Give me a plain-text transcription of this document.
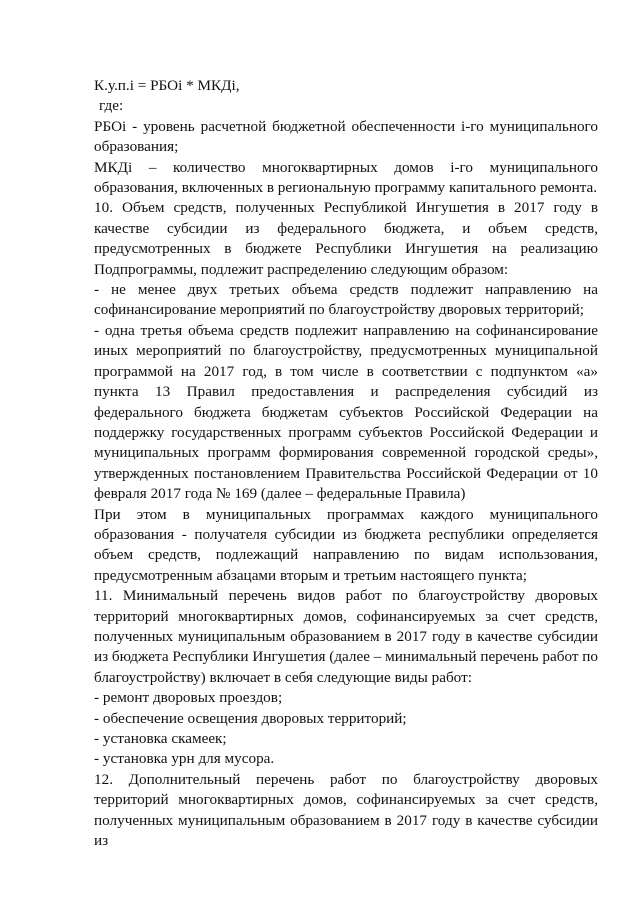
К.у.п.i = РБОi * МКДi,

где:

РБОi - уровень расчетной бюджетной обеспеченности i-го муниципального образования;

МКДi – количество многоквартирных домов i-го муниципального образования, включенных в региональную программу капитального ремонта.

10. Объем средств, полученных Республикой Ингушетия в 2017 году в качестве субсидии из федерального бюджета, и объем средств, предусмотренных в бюджете Республики Ингушетия на реализацию Подпрограммы, подлежит распределению следующим образом:

- не менее двух третьих объема средств подлежит направлению на софинансирование мероприятий по благоустройству дворовых территорий;

- одна третья объема средств подлежит направлению на софинансирование иных мероприятий по благоустройству, предусмотренных муниципальной программой на 2017 год, в том числе в соответствии с подпунктом «а» пункта 13 Правил предоставления и распределения субсидий из федерального бюджета бюджетам субъектов Российской Федерации на поддержку государственных программ субъектов Российской Федерации и муниципальных программ формирования современной городской среды», утвержденных постановлением Правительства Российской Федерации от 10 февраля 2017 года № 169 (далее – федеральные Правила)

При этом в муниципальных программах каждого муниципального образования - получателя субсидии из бюджета республики определяется объем средств, подлежащий направлению по видам использования, предусмотренным абзацами вторым и третьим настоящего пункта;

11. Минимальный перечень видов работ по благоустройству дворовых территорий многоквартирных домов, софинансируемых за счет средств, полученных муниципальным образованием в 2017 году в качестве субсидии из бюджета Республики Ингушетия (далее – минимальный перечень работ по благоустройству) включает в себя следующие виды работ:

- ремонт дворовых проездов;

- обеспечение освещения дворовых территорий;

- установка скамеек;

- установка урн для мусора.

12. Дополнительный перечень работ по благоустройству дворовых территорий многоквартирных домов, софинансируемых за счет средств, полученных муниципальным образованием в 2017 году в качестве субсидии из
